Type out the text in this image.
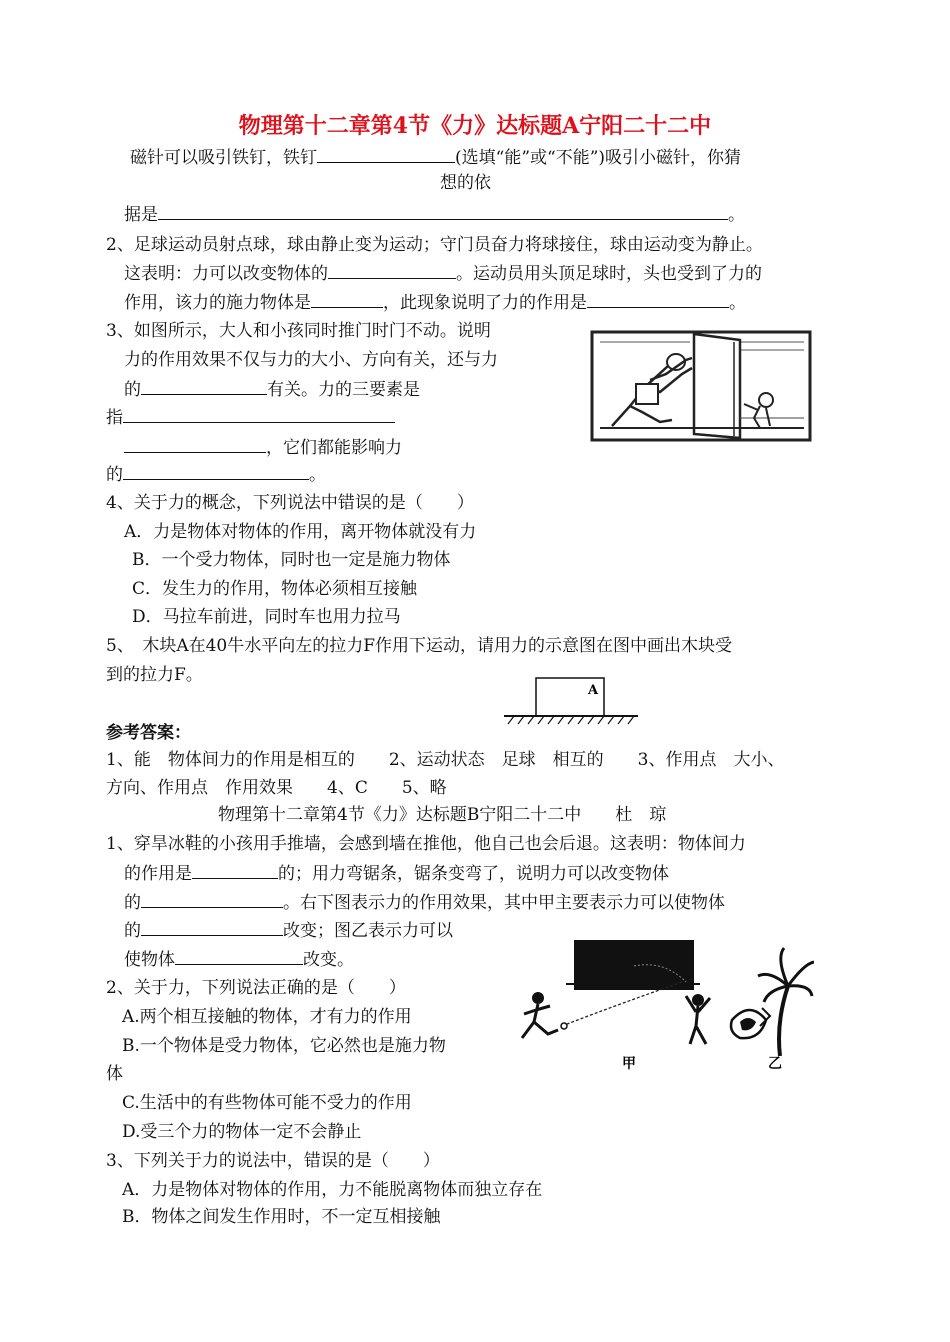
物理第十二章第4节《力》达标题A宁阳二十二中
磁针可以吸引铁钉，铁钉	(选填“能”或“不能”)吸引小磁针，你猜
想的依
据是	。
2、足球运动员射点球，球由静止变为运动；守门员奋力将球接住，球由运动变为静止。
这表明：力可以改变物体的	。运动员用头顶足球时，头也受到了力的
作用，该力的施力物体是	，此现象说明了力的作用是	。
3、如图所示，大人和小孩同时推门时门不动。说明
力的作用效果不仅与力的大小、方向有关，还与力
的	有关。力的三要素是
指
，它们都能影响力
的	。
4、关于力的概念，下列说法中错误的是（　　）
A．力是物体对物体的作用，离开物体就没有力
B．一个受力物体，同时也一定是施力物体
C．发生力的作用，物体必须相互接触
D．马拉车前进，同时车也用力拉马
5、　木块A在40牛水平向左的拉力F作用下运动，请用力的示意图在图中画出木块受
到的拉力F。
A
参考答案：
1、能　物体间力的作用是相互的　　2、运动状态　足球　相互的　　3、作用点　大小、
方向、作用点　作用效果　　4、C　　5、略
物理第十二章第4节《力》达标题B宁阳二十二中　　杜　琼
1、穿旱冰鞋的小孩用手推墙，会感到墙在推他，他自己也会后退。这表明：物体间力
的作用是	的；用力弯锯条，锯条变弯了，说明力可以改变物体
的	。右下图表示力的作用效果，其中甲主要表示力可以使物体
的	改变；图乙表示力可以
使物体	改变。
甲	乙
2、关于力，下列说法正确的是（　　）
A.两个相互接触的物体，才有力的作用
B.一个物体是受力物体，它必然也是施力物
体
C.生活中的有些物体可能不受力的作用
D.受三个力的物体一定不会静止
3、下列关于力的说法中，错误的是（　　）
A．力是物体对物体的作用，力不能脱离物体而独立存在
B．物体之间发生作用时，不一定互相接触
